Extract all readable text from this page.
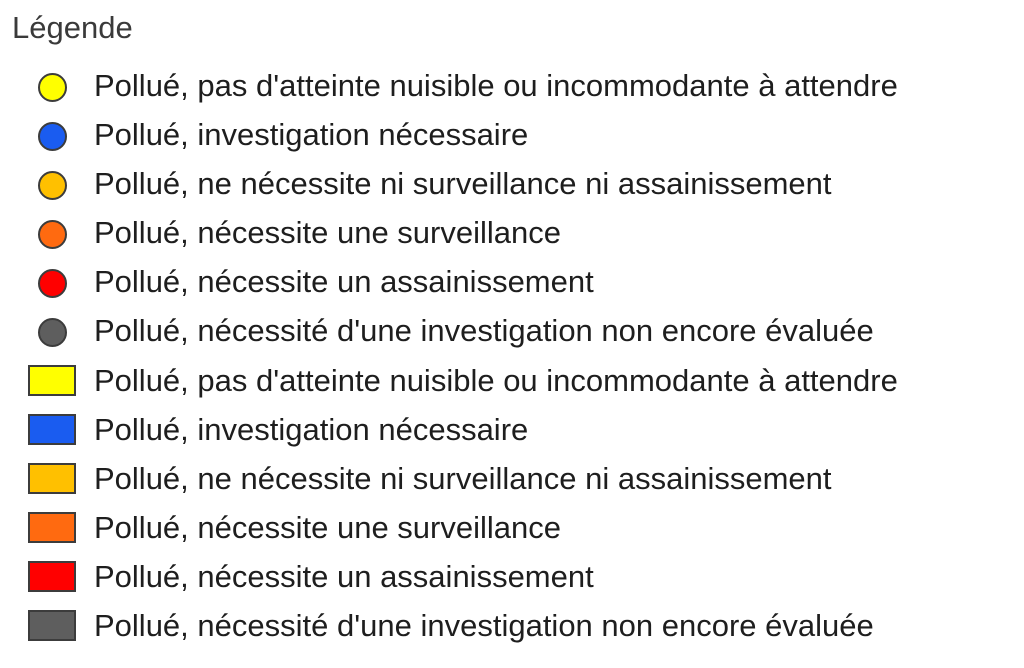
Légende
Pollué, pas d'atteinte nuisible ou incommodante à attendre
Pollué, investigation nécessaire
Pollué, ne nécessite ni surveillance ni assainissement
Pollué, nécessite une surveillance
Pollué, nécessite un assainissement
Pollué, nécessité d'une investigation non encore évaluée
Pollué, pas d'atteinte nuisible ou incommodante à attendre
Pollué, investigation nécessaire
Pollué, ne nécessite ni surveillance ni assainissement
Pollué, nécessite une surveillance
Pollué, nécessite un assainissement
Pollué, nécessité d'une investigation non encore évaluée
